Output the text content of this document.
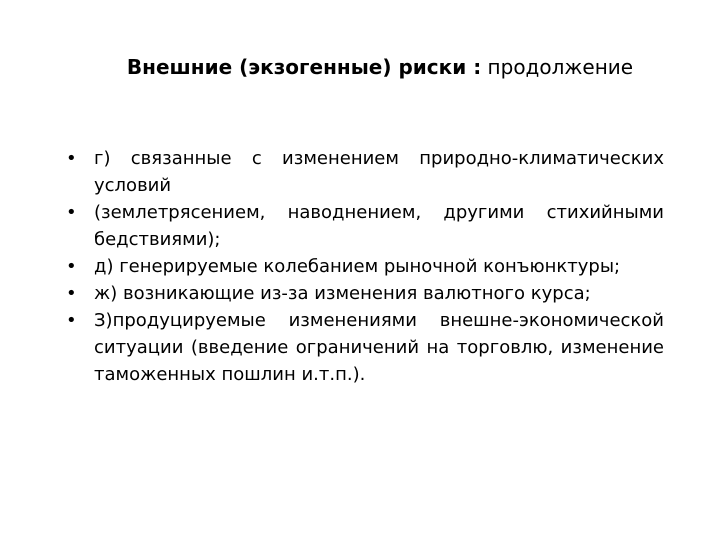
Внешние (экзогенные) риски : продолжение
• г) связанные с изменением природно-климатических условий
• (землетрясением, наводнением, другими стихийными бедствиями);
• д) генерируемые колебанием рыночной конъюнктуры;
• ж) возникающие из-за изменения валютного курса;
• З)продуцируемые изменениями внешне-экономической ситуации (введение ограничений на торговлю, изменение таможенных пошлин и.т.п.).
